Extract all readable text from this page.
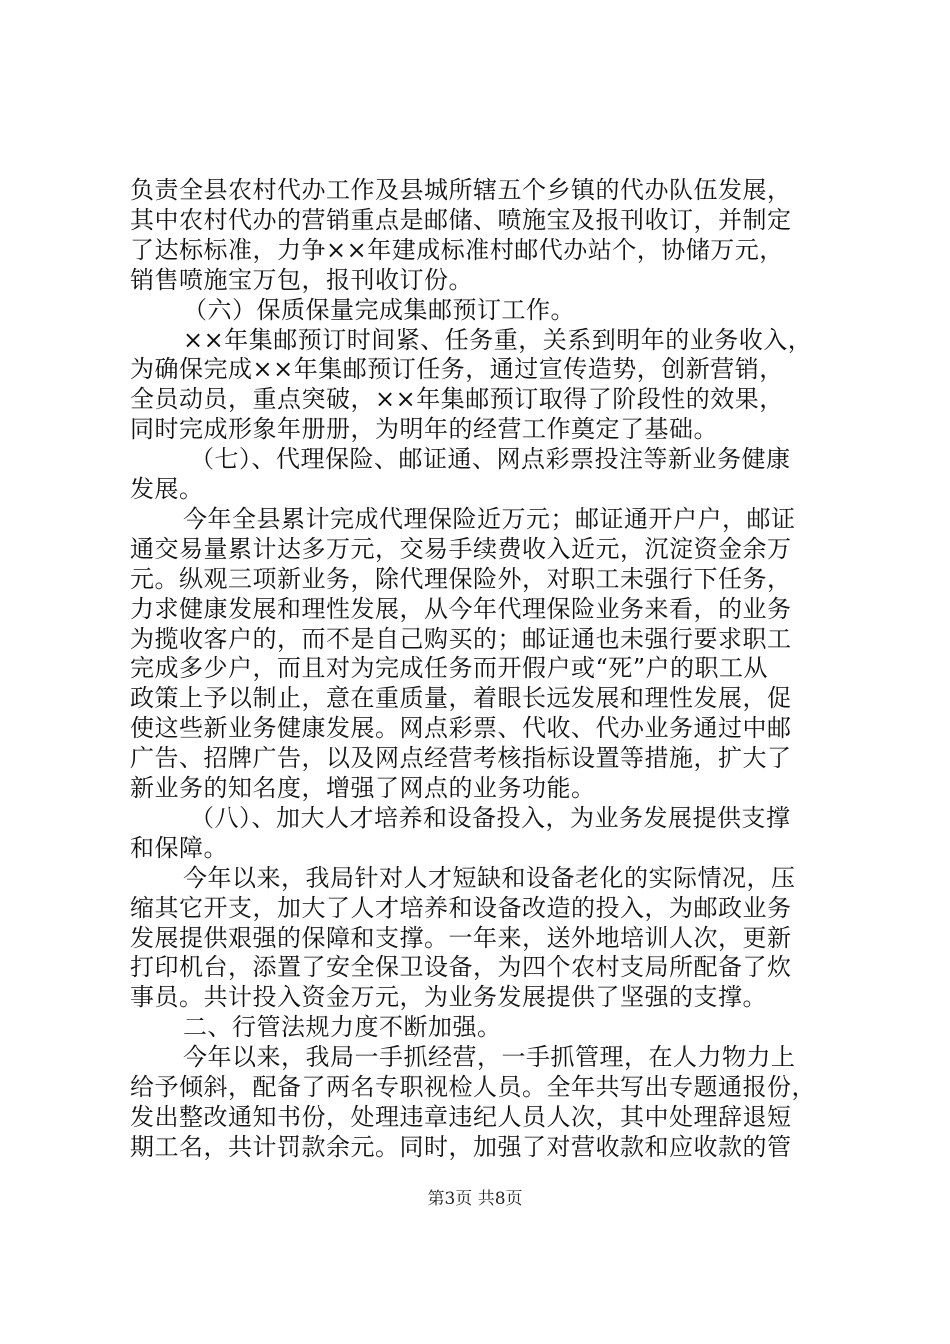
负责全县农村代办工作及县城所辖五个乡镇的代办队伍发展，
其中农村代办的营销重点是邮储、喷施宝及报刊收订，并制定
了达标标准，力争××年建成标准村邮代办站个，协储万元，
销售喷施宝万包，报刊收订份。
（六）保质保量完成集邮预订工作。
××年集邮预订时间紧、任务重，关系到明年的业务收入，
为确保完成××年集邮预订任务，通过宣传造势，创新营销，
全员动员，重点突破，××年集邮预订取得了阶段性的效果，
同时完成形象年册册，为明年的经营工作奠定了基础。
（七）、代理保险、邮证通、网点彩票投注等新业务健康
发展。
今年全县累计完成代理保险近万元；邮证通开户户，邮证
通交易量累计达多万元，交易手续费收入近元，沉淀资金余万
元。纵观三项新业务，除代理保险外，对职工未强行下任务，
力求健康发展和理性发展，从今年代理保险业务来看，的业务
为揽收客户的，而不是自己购买的；邮证通也未强行要求职工
完成多少户，而且对为完成任务而开假户或“死”户的职工从
政策上予以制止，意在重质量，着眼长远发展和理性发展，促
使这些新业务健康发展。网点彩票、代收、代办业务通过中邮
广告、招牌广告，以及网点经营考核指标设置等措施，扩大了
新业务的知名度，增强了网点的业务功能。
（八）、加大人才培养和设备投入，为业务发展提供支撑
和保障。
今年以来，我局针对人才短缺和设备老化的实际情况，压
缩其它开支，加大了人才培养和设备改造的投入，为邮政业务
发展提供艰强的保障和支撑。一年来，送外地培训人次，更新
打印机台，添置了安全保卫设备，为四个农村支局所配备了炊
事员。共计投入资金万元，为业务发展提供了坚强的支撑。
二、行管法规力度不断加强。
今年以来，我局一手抓经营，一手抓管理，在人力物力上
给予倾斜，配备了两名专职视检人员。全年共写出专题通报份，
发出整改通知书份，处理违章违纪人员人次，其中处理辞退短
期工名，共计罚款余元。同时，加强了对营收款和应收款的管
第3页 共8页
